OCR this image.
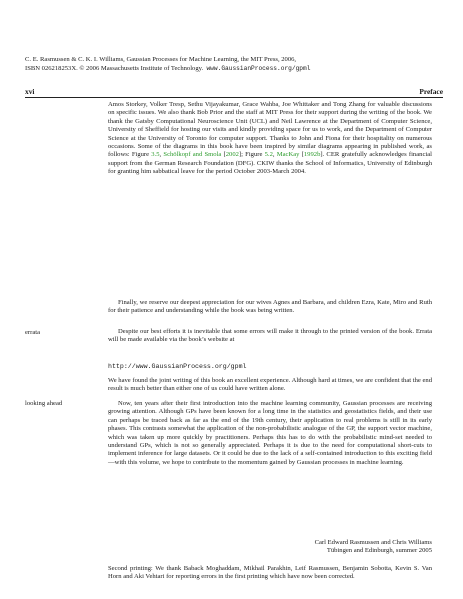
C. E. Rasmussen & C. K. I. Williams, Gaussian Processes for Machine Learning, the MIT Press, 2006,
ISBN 026218253X. © 2006 Massachusetts Institute of Technology. www.GaussianProcess.org/gpml
xvi	Preface
errata
looking ahead

Amos Storkey, Volker Tresp, Sethu Vijayakumar, Grace Wahba, Joe Whittaker and Tong Zhang for valuable discussions on specific issues. We also thank Bob Prior and the staff at MIT Press for their support during the writing of the book. We thank the Gatsby Computational Neuroscience Unit (UCL) and Neil Lawrence at the Department of Computer Science, University of Sheffield for hosting our visits and kindly providing space for us to work, and the Department of Computer Science at the University of Toronto for computer support. Thanks to John and Fiona for their hospitality on numerous occasions. Some of the diagrams in this book have been inspired by similar diagrams appearing in published work, as follows: Figure 3.5, Schölkopf and Smola [2002]; Figure 5.2, MacKay [1992b]. CER gratefully acknowledges financial support from the German Research Foundation (DFG). CKIW thanks the School of Informatics, University of Edinburgh for granting him sabbatical leave for the period October 2003-March 2004.

Finally, we reserve our deepest appreciation for our wives Agnes and Barbara, and children Ezra, Kate, Miro and Ruth for their patience and understanding while the book was being written.

Despite our best efforts it is inevitable that some errors will make it through to the printed version of the book. Errata will be made available via the book’s website at

http://www.GaussianProcess.org/gpml

We have found the joint writing of this book an excellent experience. Although hard at times, we are confident that the end result is much better than either one of us could have written alone.

Now, ten years after their first introduction into the machine learning community, Gaussian processes are receiving growing attention. Although GPs have been known for a long time in the statistics and geostatistics fields, and their use can perhaps be traced back as far as the end of the 19th century, their application to real problems is still in its early phases. This contrasts somewhat the application of the non-probabilistic analogue of the GP, the support vector machine, which was taken up more quickly by practitioners. Perhaps this has to do with the probabilistic mind-set needed to understand GPs, which is not so generally appreciated. Perhaps it is due to the need for computational short-cuts to implement inference for large datasets. Or it could be due to the lack of a self-contained introduction to this exciting field—with this volume, we hope to contribute to the momentum gained by Gaussian processes in machine learning.

Carl Edward Rasmussen and Chris Williams

Tübingen and Edinburgh, summer 2005

Second printing: We thank Baback Moghaddam, Mikhail Parakhin, Leif Rasmussen, Benjamin Sobotta, Kevin S. Van Horn and Aki Vehtari for reporting errors in the first printing which have now been corrected.
